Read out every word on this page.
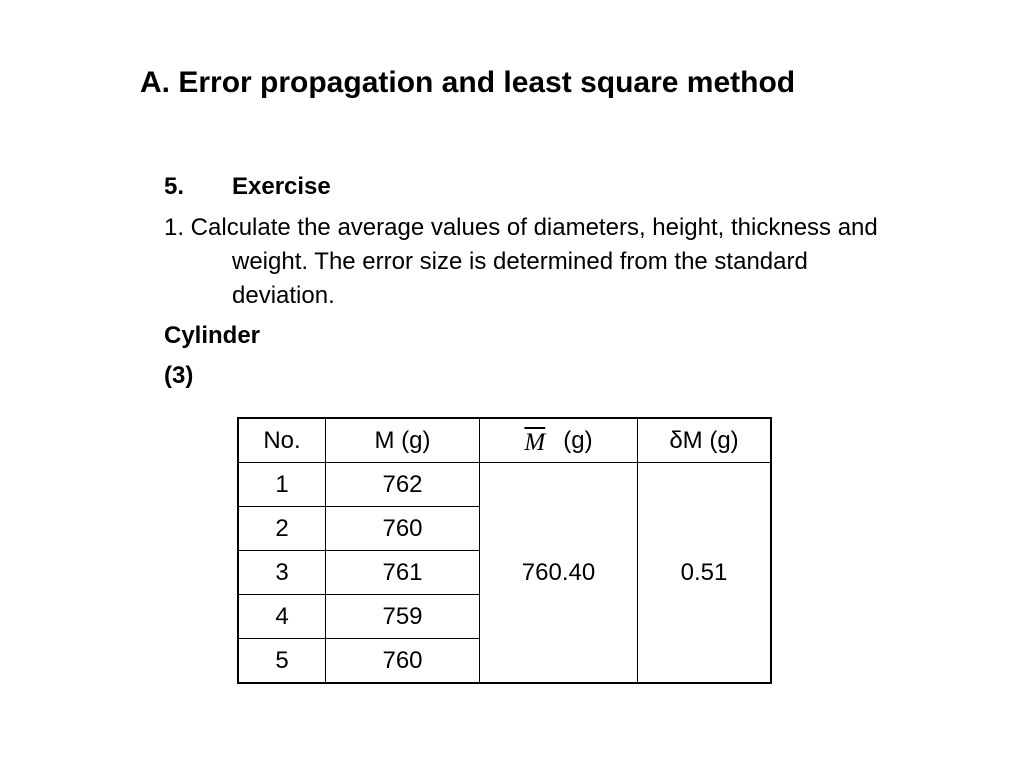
A. Error propagation and least square method
5.	Exercise
1. Calculate the average values of diameters, height, thickness and weight. The error size is determined from the standard deviation.
Cylinder
(3)
No.	M (g)	$\overline{M}$ (g)	δM (g)
1	762	760.40	0.51
2	760		
3	761		
4	759		
5	760		
